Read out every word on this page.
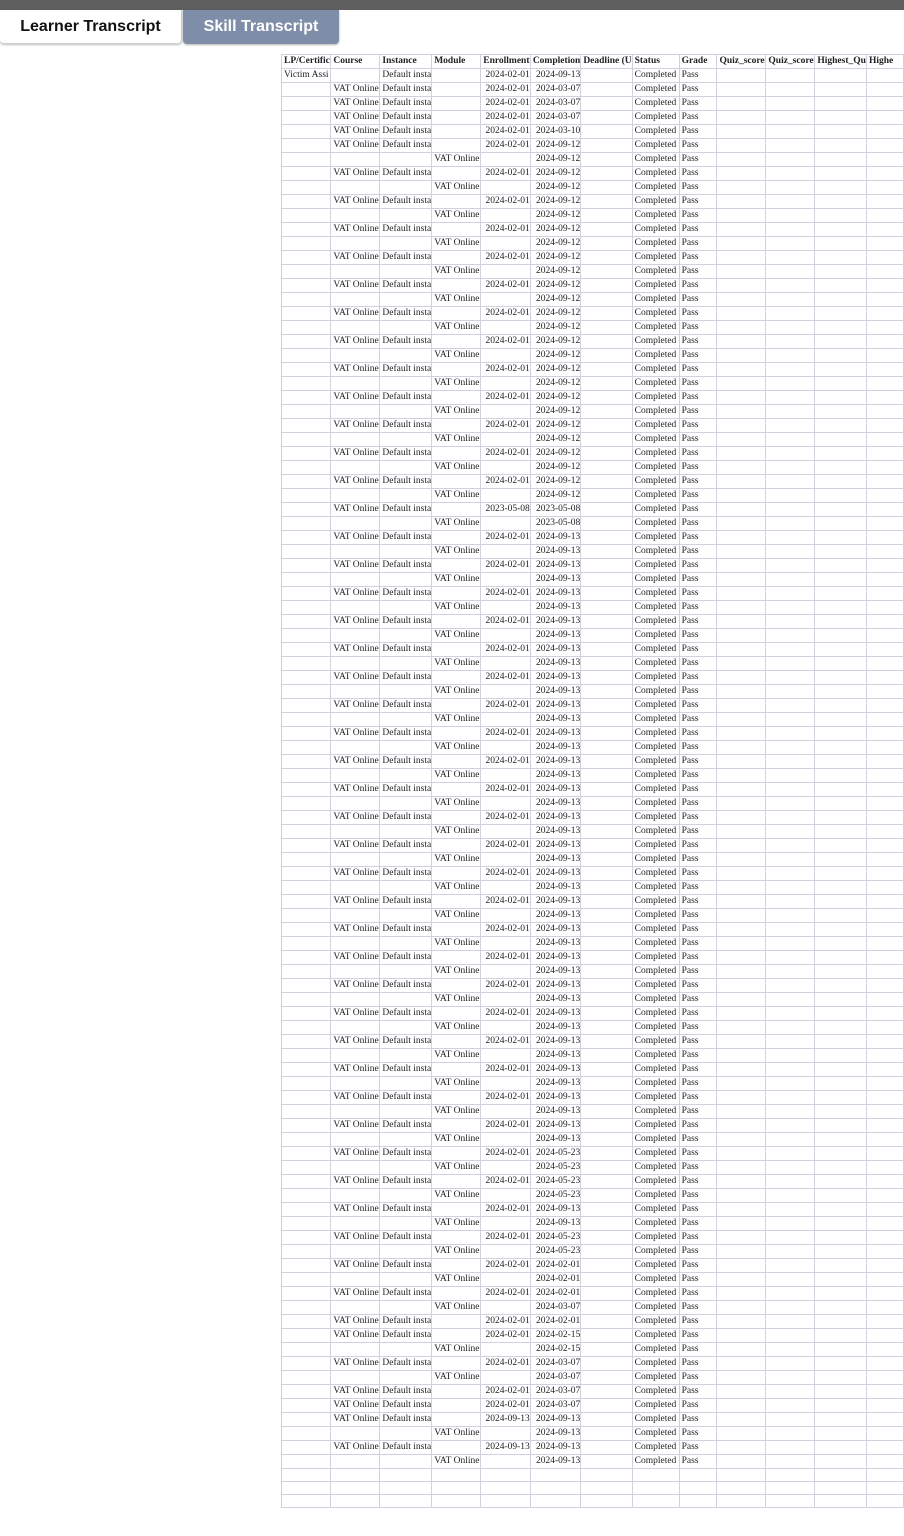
Learner Transcript	Skill Transcript
LP/Certific	Course	Instance	Module	Enrollment	Completion	Deadline (U	Status	Grade	Quiz_score	Quiz_score	Highest_Qu	Highe
Victim Assi		Default insta		2024-02-01	2024-09-13		Completed	Pass				
	VAT Online	Default insta		2024-02-01	2024-03-07		Completed	Pass				
	VAT Online	Default insta		2024-02-01	2024-03-07		Completed	Pass				
	VAT Online	Default insta		2024-02-01	2024-03-07		Completed	Pass				
	VAT Online	Default insta		2024-02-01	2024-03-10		Completed	Pass				
	VAT Online	Default insta		2024-02-01	2024-09-12		Completed	Pass				
			VAT Online		2024-09-12		Completed	Pass				
	VAT Online	Default insta		2024-02-01	2024-09-12		Completed	Pass				
			VAT Online		2024-09-12		Completed	Pass				
	VAT Online	Default insta		2024-02-01	2024-09-12		Completed	Pass				
			VAT Online		2024-09-12		Completed	Pass				
	VAT Online	Default insta		2024-02-01	2024-09-12		Completed	Pass				
			VAT Online		2024-09-12		Completed	Pass				
	VAT Online	Default insta		2024-02-01	2024-09-12		Completed	Pass				
			VAT Online		2024-09-12		Completed	Pass				
	VAT Online	Default insta		2024-02-01	2024-09-12		Completed	Pass				
			VAT Online		2024-09-12		Completed	Pass				
	VAT Online	Default insta		2024-02-01	2024-09-12		Completed	Pass				
			VAT Online		2024-09-12		Completed	Pass				
	VAT Online	Default insta		2024-02-01	2024-09-12		Completed	Pass				
			VAT Online		2024-09-12		Completed	Pass				
	VAT Online	Default insta		2024-02-01	2024-09-12		Completed	Pass				
			VAT Online		2024-09-12		Completed	Pass				
	VAT Online	Default insta		2024-02-01	2024-09-12		Completed	Pass				
			VAT Online		2024-09-12		Completed	Pass				
	VAT Online	Default insta		2024-02-01	2024-09-12		Completed	Pass				
			VAT Online		2024-09-12		Completed	Pass				
	VAT Online	Default insta		2024-02-01	2024-09-12		Completed	Pass				
			VAT Online		2024-09-12		Completed	Pass				
	VAT Online	Default insta		2024-02-01	2024-09-12		Completed	Pass				
			VAT Online		2024-09-12		Completed	Pass				
	VAT Online	Default insta		2023-05-08	2023-05-08		Completed	Pass				
			VAT Online		2023-05-08		Completed	Pass				
	VAT Online	Default insta		2024-02-01	2024-09-13		Completed	Pass				
			VAT Online		2024-09-13		Completed	Pass				
	VAT Online	Default insta		2024-02-01	2024-09-13		Completed	Pass				
			VAT Online		2024-09-13		Completed	Pass				
	VAT Online	Default insta		2024-02-01	2024-09-13		Completed	Pass				
			VAT Online		2024-09-13		Completed	Pass				
	VAT Online	Default insta		2024-02-01	2024-09-13		Completed	Pass				
			VAT Online		2024-09-13		Completed	Pass				
	VAT Online	Default insta		2024-02-01	2024-09-13		Completed	Pass				
			VAT Online		2024-09-13		Completed	Pass				
	VAT Online	Default insta		2024-02-01	2024-09-13		Completed	Pass				
			VAT Online		2024-09-13		Completed	Pass				
	VAT Online	Default insta		2024-02-01	2024-09-13		Completed	Pass				
			VAT Online		2024-09-13		Completed	Pass				
	VAT Online	Default insta		2024-02-01	2024-09-13		Completed	Pass				
			VAT Online		2024-09-13		Completed	Pass				
	VAT Online	Default insta		2024-02-01	2024-09-13		Completed	Pass				
			VAT Online		2024-09-13		Completed	Pass				
	VAT Online	Default insta		2024-02-01	2024-09-13		Completed	Pass				
			VAT Online		2024-09-13		Completed	Pass				
	VAT Online	Default insta		2024-02-01	2024-09-13		Completed	Pass				
			VAT Online		2024-09-13		Completed	Pass				
	VAT Online	Default insta		2024-02-01	2024-09-13		Completed	Pass				
			VAT Online		2024-09-13		Completed	Pass				
	VAT Online	Default insta		2024-02-01	2024-09-13		Completed	Pass				
			VAT Online		2024-09-13		Completed	Pass				
	VAT Online	Default insta		2024-02-01	2024-09-13		Completed	Pass				
			VAT Online		2024-09-13		Completed	Pass				
	VAT Online	Default insta		2024-02-01	2024-09-13		Completed	Pass				
			VAT Online		2024-09-13		Completed	Pass				
	VAT Online	Default insta		2024-02-01	2024-09-13		Completed	Pass				
			VAT Online		2024-09-13		Completed	Pass				
	VAT Online	Default insta		2024-02-01	2024-09-13		Completed	Pass				
			VAT Online		2024-09-13		Completed	Pass				
	VAT Online	Default insta		2024-02-01	2024-09-13		Completed	Pass				
			VAT Online		2024-09-13		Completed	Pass				
	VAT Online	Default insta		2024-02-01	2024-09-13		Completed	Pass				
			VAT Online		2024-09-13		Completed	Pass				
	VAT Online	Default insta		2024-02-01	2024-09-13		Completed	Pass				
			VAT Online		2024-09-13		Completed	Pass				
	VAT Online	Default insta		2024-02-01	2024-09-13		Completed	Pass				
			VAT Online		2024-09-13		Completed	Pass				
	VAT Online	Default insta		2024-02-01	2024-09-13		Completed	Pass				
			VAT Online		2024-09-13		Completed	Pass				
	VAT Online	Default insta		2024-02-01	2024-05-23		Completed	Pass				
			VAT Online		2024-05-23		Completed	Pass				
	VAT Online	Default insta		2024-02-01	2024-05-23		Completed	Pass				
			VAT Online		2024-05-23		Completed	Pass				
	VAT Online	Default insta		2024-02-01	2024-09-13		Completed	Pass				
			VAT Online		2024-09-13		Completed	Pass				
	VAT Online	Default insta		2024-02-01	2024-05-23		Completed	Pass				
			VAT Online		2024-05-23		Completed	Pass				
	VAT Online	Default insta		2024-02-01	2024-02-01		Completed	Pass				
			VAT Online		2024-02-01		Completed	Pass				
	VAT Online	Default insta		2024-02-01	2024-02-01		Completed	Pass				
			VAT Online		2024-03-07		Completed	Pass				
	VAT Online	Default insta		2024-02-01	2024-02-01		Completed	Pass				
	VAT Online	Default insta		2024-02-01	2024-02-15		Completed	Pass				
			VAT Online		2024-02-15		Completed	Pass				
	VAT Online	Default insta		2024-02-01	2024-03-07		Completed	Pass				
			VAT Online		2024-03-07		Completed	Pass				
	VAT Online	Default insta		2024-02-01	2024-03-07		Completed	Pass				
	VAT Online	Default insta		2024-02-01	2024-03-07		Completed	Pass				
	VAT Online	Default insta		2024-09-13	2024-09-13		Completed	Pass				
			VAT Online		2024-09-13		Completed	Pass				
	VAT Online	Default insta		2024-09-13	2024-09-13		Completed	Pass				
			VAT Online		2024-09-13		Completed	Pass				
